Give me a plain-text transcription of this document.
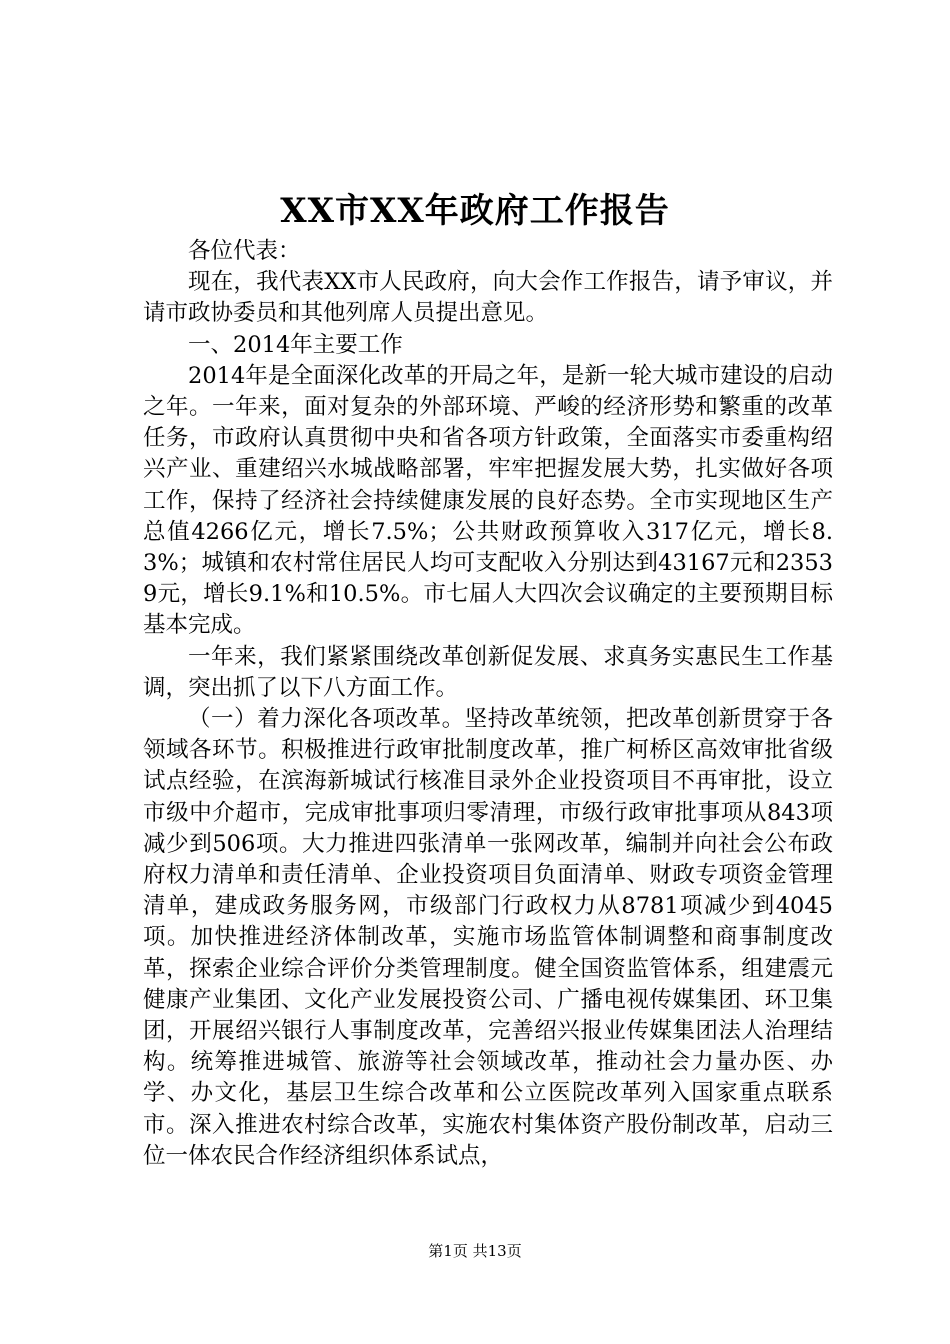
XX市XX年政府工作报告

各位代表：

现在，我代表XX市人民政府，向大会作工作报告，请予审议，并请市政协委员和其他列席人员提出意见。

一、2014年主要工作

2014年是全面深化改革的开局之年，是新一轮大城市建设的启动之年。一年来，面对复杂的外部环境、严峻的经济形势和繁重的改革任务，市政府认真贯彻中央和省各项方针政策，全面落实市委重构绍兴产业、重建绍兴水城战略部署，牢牢把握发展大势，扎实做好各项工作，保持了经济社会持续健康发展的良好态势。全市实现地区生产总值4266亿元，增长7.5%；公共财政预算收入317亿元，增长8.3%；城镇和农村常住居民人均可支配收入分别达到43167元和23539元，增长9.1%和10.5%。市七届人大四次会议确定的主要预期目标基本完成。

一年来，我们紧紧围绕改革创新促发展、求真务实惠民生工作基调，突出抓了以下八方面工作。

（一）着力深化各项改革。坚持改革统领，把改革创新贯穿于各领域各环节。积极推进行政审批制度改革，推广柯桥区高效审批省级试点经验，在滨海新城试行核准目录外企业投资项目不再审批，设立市级中介超市，完成审批事项归零清理，市级行政审批事项从843项减少到506项。大力推进四张清单一张网改革，编制并向社会公布政府权力清单和责任清单、企业投资项目负面清单、财政专项资金管理清单，建成政务服务网，市级部门行政权力从8781项减少到4045项。加快推进经济体制改革，实施市场监管体制调整和商事制度改革，探索企业综合评价分类管理制度。健全国资监管体系，组建震元健康产业集团、文化产业发展投资公司、广播电视传媒集团、环卫集团，开展绍兴银行人事制度改革，完善绍兴报业传媒集团法人治理结构。统筹推进城管、旅游等社会领域改革，推动社会力量办医、办学、办文化，基层卫生综合改革和公立医院改革列入国家重点联系市。深入推进农村综合改革，实施农村集体资产股份制改革，启动三位一体农民合作经济组织体系试点，

第1页 共13页
